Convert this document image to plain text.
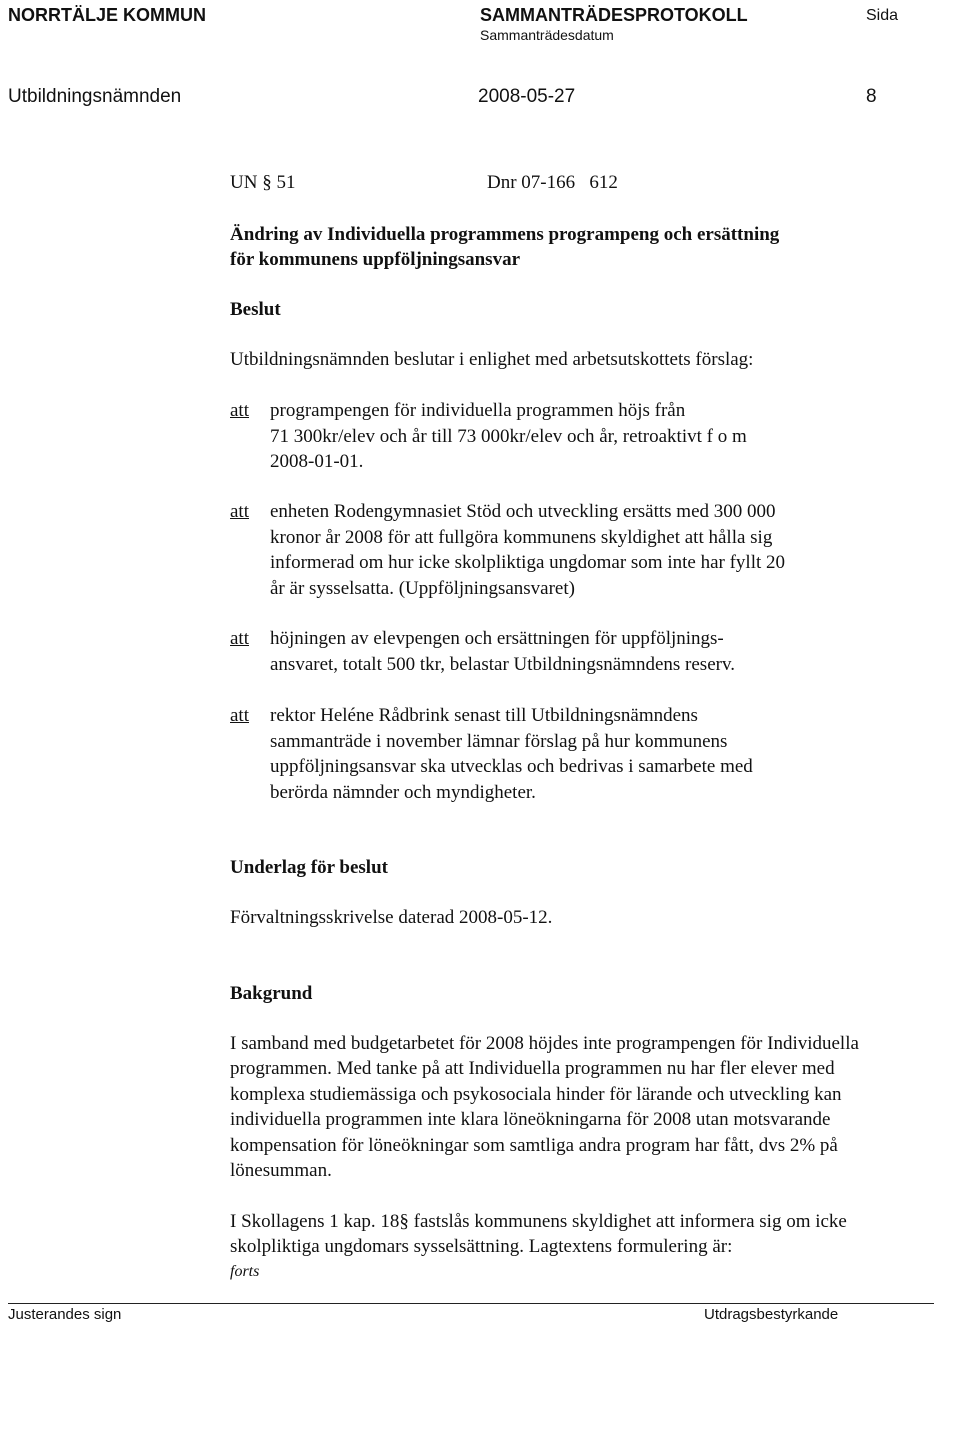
NORRTÄLJE KOMMUN	SAMMANTRÄDESPROTOKOLL	Sida
Sammanträdesdatum
Utbildningsnämnden	2008-05-27	8
UN § 51	Dnr 07-166   612
Ändring av Individuella programmens programpeng och ersättning
för kommunens uppföljningsansvar
Beslut
Utbildningsnämnden beslutar i enlighet med arbetsutskottets förslag:
att programpengen för individuella programmen höjs från
71 300kr/elev och år till 73 000kr/elev och år, retroaktivt f o m
2008-01-01.
att enheten Rodengymnasiet Stöd och utveckling ersätts med 300 000
kronor år 2008 för att fullgöra kommunens skyldighet att hålla sig
informerad om hur icke skolpliktiga ungdomar som inte har fyllt 20
år är sysselsatta. (Uppföljningsansvaret)
att höjningen av elevpengen och ersättningen för uppföljnings-
ansvaret, totalt 500 tkr, belastar Utbildningsnämndens reserv.
att rektor Heléne Rådbrink senast till Utbildningsnämndens
sammanträde i november lämnar förslag på hur kommunens
uppföljningsansvar ska utvecklas och bedrivas i samarbete med
berörda nämnder och myndigheter.
Underlag för beslut
Förvaltningsskrivelse daterad 2008-05-12.
Bakgrund
I samband med budgetarbetet för 2008 höjdes inte programpengen för Individuella
programmen. Med tanke på att Individuella programmen nu har fler elever med
komplexa studiemässiga och psykosociala hinder för lärande och utveckling kan
individuella programmen inte klara löneökningarna för 2008 utan motsvarande
kompensation för löneökningar som samtliga andra program har fått, dvs 2% på
lönesumman.
I Skollagens 1 kap. 18§ fastslås kommunens skyldighet att informera sig om icke
skolpliktiga ungdomars sysselsättning. Lagtextens formulering är:
forts
Justerandes sign	Utdragsbestyrkande
